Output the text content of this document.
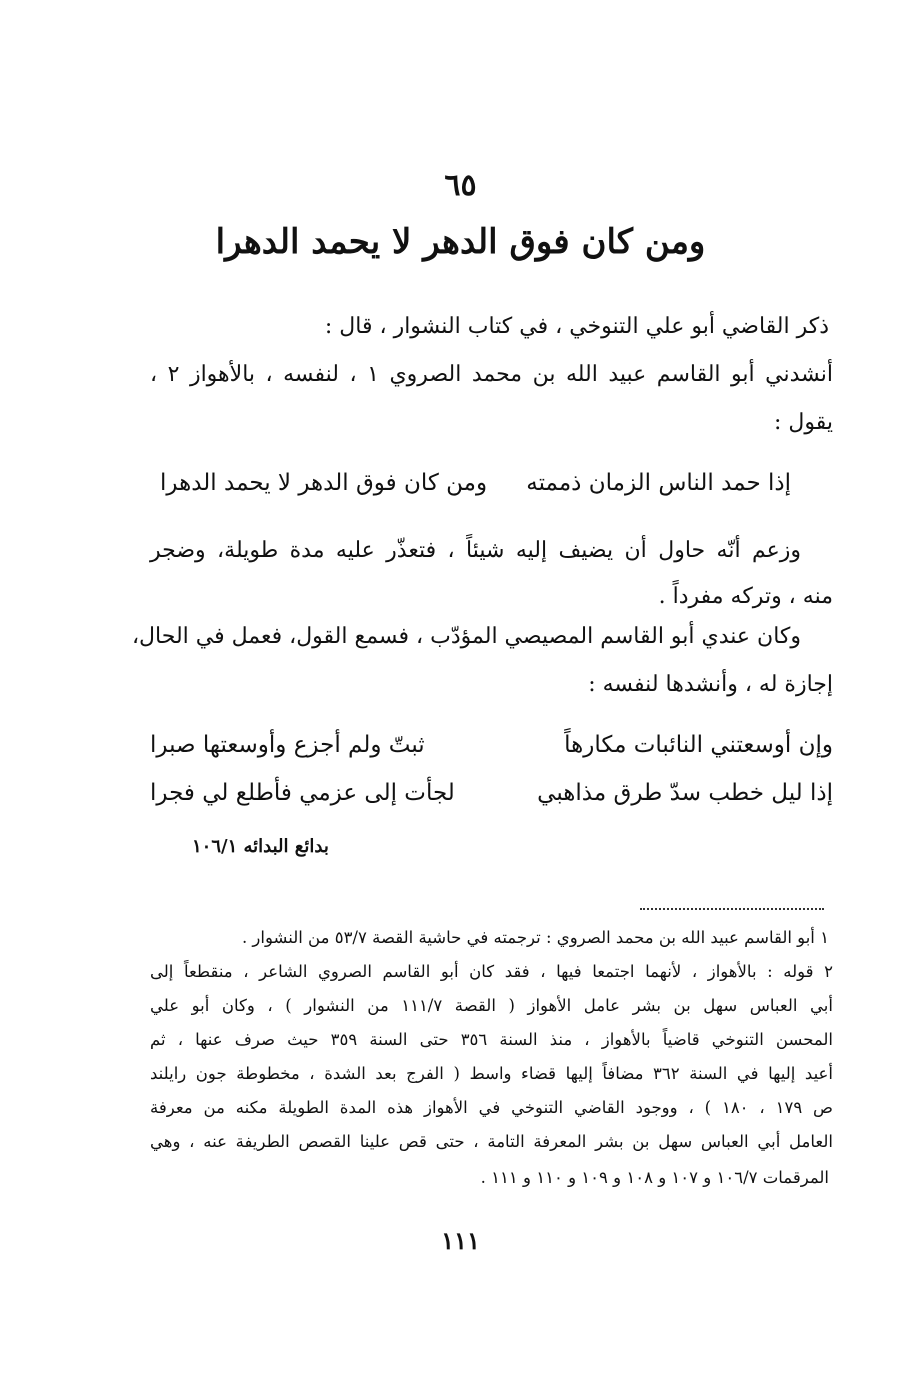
٦٥
ومن كان فوق الدهر لا يحمد الدهرا
ذكر القاضي أبو علي التنوخي ، في كتاب النشوار ، قال :
أنشدني أبو القاسم عبيد الله بن محمد الصروي ١ ، لنفسه ، بالأهواز ٢ ،
يقول :
إذا حمد الناس الزمان ذممته
ومن كان فوق الدهر لا يحمد الدهرا
وزعم أنّه حاول أن يضيف إليه شيئاً ، فتعذّر عليه مدة طويلة، وضجر
منه ، وتركه مفرداً .
وكان عندي أبو القاسم المصيصي المؤدّب ، فسمع القول، فعمل في الحال،
إجازة له ، وأنشدها لنفسه :
وإن أوسعتني النائبات مكارهاً
ثبتّ ولم أجزع وأوسعتها صبرا
إذا ليل خطب سدّ طرق مذاهبي
لجأت إلى عزمي فأطلع لي فجرا
بدائع البدائه ١٠٦/١
١ أبو القاسم عبيد الله بن محمد الصروي : ترجمته في حاشية القصة ٥٣/٧ من النشوار .
٢ قوله : بالأهواز ، لأنهما اجتمعا فيها ، فقد كان أبو القاسم الصروي الشاعر ، منقطعاً إلى
أبي العباس سهل بن بشر عامل الأهواز ( القصة ١١١/٧ من النشوار ) ، وكان أبو علي
المحسن التنوخي قاضياً بالأهواز ، منذ السنة ٣٥٦ حتى السنة ٣٥٩ حيث صرف عنها ، ثم
أعيد إليها في السنة ٣٦٢ مضافاً إليها قضاء واسط ( الفرج بعد الشدة ، مخطوطة جون رايلند
ص ١٧٩ ، ١٨٠ ) ، ووجود القاضي التنوخي في الأهواز هذه المدة الطويلة مكنه من معرفة
العامل أبي العباس سهل بن بشر المعرفة التامة ، حتى قص علينا القصص الطريفة عنه ، وهي
المرقمات ١٠٦/٧ و ١٠٧ و ١٠٨ و ١٠٩ و ١١٠ و ١١١ .
١١١
